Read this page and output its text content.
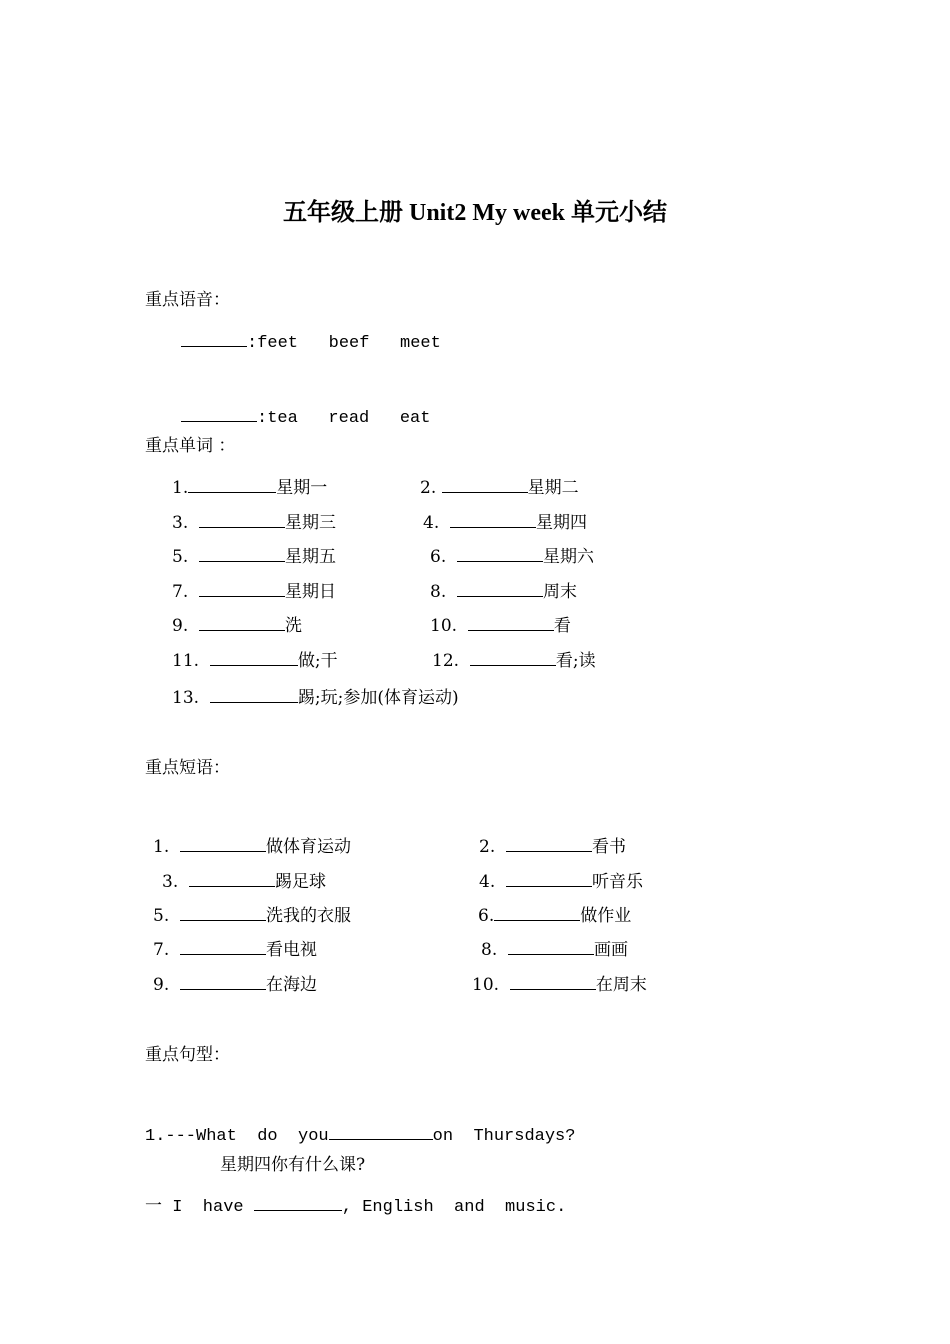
五年级上册 Unit2 My week 单元小结
重点语音：
:feet   beef   meet
:tea   read   eat
重点单词 ：
1.	星期一	2.	星期二
3.	星期三	4.	星期四
5.	星期五	6.	星期六
7.	星期日	8.	周末
9.	洗	10.	看
11.	做;干	12.	看;读
13.	踢;玩;参加(体育运动)
重点短语：
1.	做体育运动	2.	看书
3.	踢足球	4.	听音乐
5.	洗我的衣服	6.	做作业
7.	看电视	8.	画画
9.	在海边	10.	在周末
重点句型：
1.---What  do  you	on  Thursdays?
星期四你有什么课?
一 I  have	, English  and  music.
